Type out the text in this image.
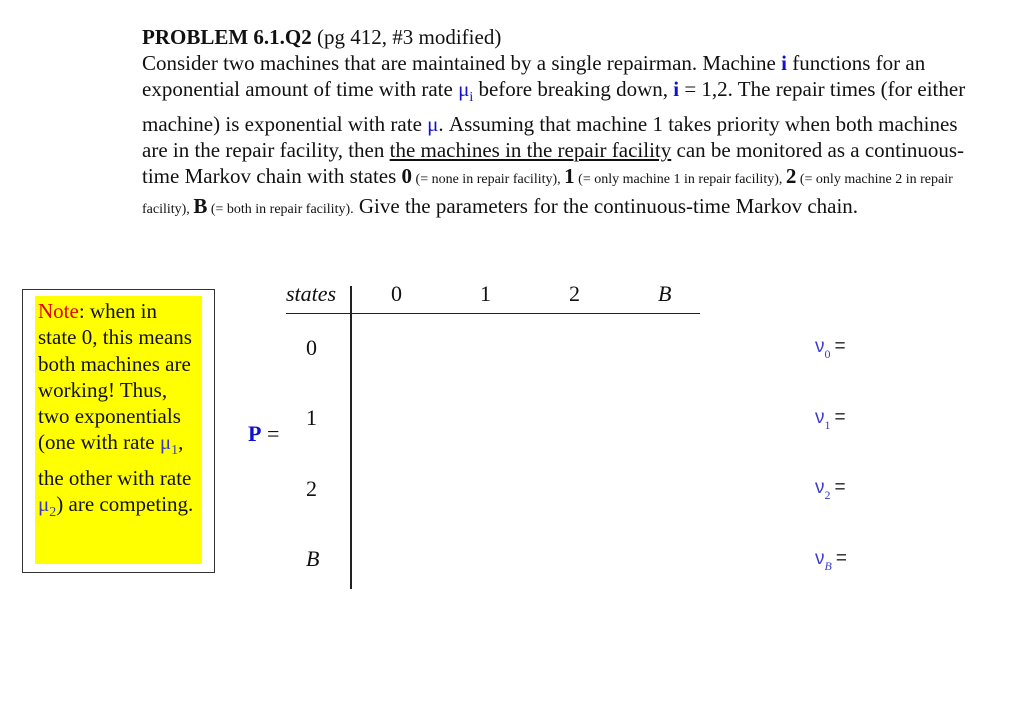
PROBLEM 6.1.Q2 (pg 412, #3 modified)
Consider two machines that are maintained by a single repairman. Machine i functions for an exponential amount of time with rate $\mu_i$ before breaking down, i = 1,2. The repair times (for either machine) is exponential with rate μ. Assuming that machine 1 takes priority when both machines are in the repair facility, then the machines in the repair facility can be monitored as a continuous-time Markov chain with states 0 (= none in repair facility), 1 (= only machine 1 in repair facility), 2 (= only machine 2 in repair facility), B (= both in repair facility). Give the parameters for the continuous-time Markov chain.
Note: when in state 0, this means both machines are working! Thus, two exponentials (one with rate $\mu_1$, the other with rate $\mu_2$) are competing.
P =
states 0	1	2	B
0
1
2
B
$\nu_0$ =
$\nu_1$ =
$\nu_2$ =
$\nu_B$ =
